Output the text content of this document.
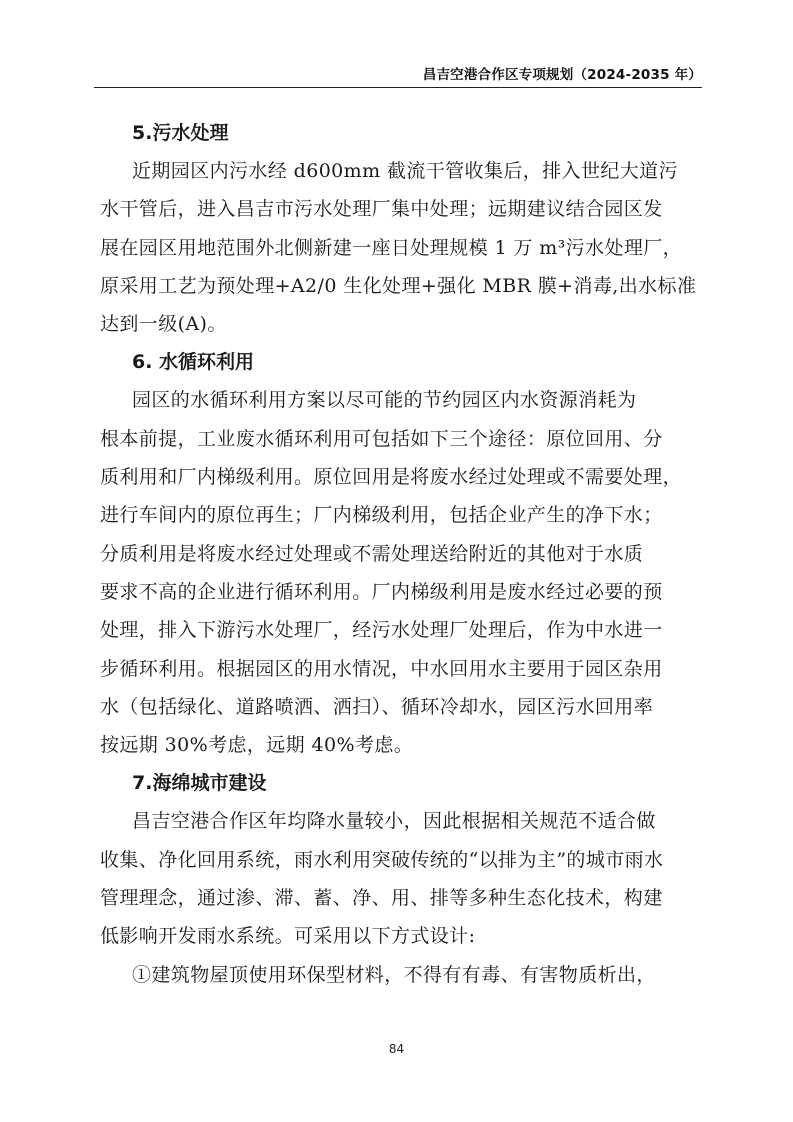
昌吉空港合作区专项规划（2024-2035 年）
5.污水处理

近期园区内污水经 d600mm 截流干管收集后，排入世纪大道污

水干管后，进入昌吉市污水处理厂集中处理；远期建议结合园区发

展在园区用地范围外北侧新建一座日处理规模 1 万 m³污水处理厂，

原采用工艺为预处理+A2/0 生化处理+强化 MBR 膜+消毒,出水标准

达到一级(A)。

6. 水循环利用

园区的水循环利用方案以尽可能的节约园区内水资源消耗为

根本前提，工业废水循环利用可包括如下三个途径：原位回用、分

质利用和厂内梯级利用。原位回用是将废水经过处理或不需要处理，

进行车间内的原位再生；厂内梯级利用，包括企业产生的净下水；

分质利用是将废水经过处理或不需处理送给附近的其他对于水质

要求不高的企业进行循环利用。厂内梯级利用是废水经过必要的预

处理，排入下游污水处理厂，经污水处理厂处理后，作为中水进一

步循环利用。根据园区的用水情况，中水回用水主要用于园区杂用

水（包括绿化、道路喷洒、洒扫）、循环冷却水，园区污水回用率

按远期 30%考虑，远期 40%考虑。

7.海绵城市建设

昌吉空港合作区年均降水量较小，因此根据相关规范不适合做

收集、净化回用系统，雨水利用突破传统的“以排为主”的城市雨水

管理理念，通过渗、滞、蓄、净、用、排等多种生态化技术，构建

低影响开发雨水系统。可采用以下方式设计:

①建筑物屋顶使用环保型材料，不得有有毒、有害物质析出，

84
